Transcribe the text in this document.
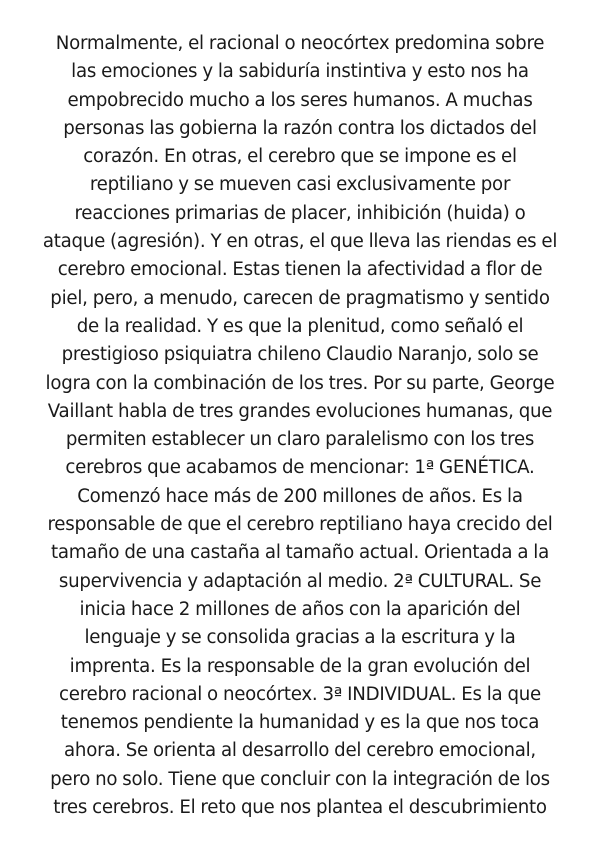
Normalmente, el racional o neocórtex predomina sobre
las emociones y la sabiduría instintiva y esto nos ha
empobrecido mucho a los seres humanos. A muchas
personas las gobierna la razón contra los dictados del
corazón. En otras, el cerebro que se impone es el
reptiliano y se mueven casi exclusivamente por
reacciones primarias de placer, inhibición (huida) o
ataque (agresión). Y en otras, el que lleva las riendas es el
cerebro emocional. Estas tienen la afectividad a flor de
piel, pero, a menudo, carecen de pragmatismo y sentido
de la realidad. Y es que la plenitud, como señaló el
prestigioso psiquiatra chileno Claudio Naranjo, solo se
logra con la combinación de los tres. Por su parte, George
Vaillant habla de tres grandes evoluciones humanas, que
permiten establecer un claro paralelismo con los tres
cerebros que acabamos de mencionar: 1ª GENÉTICA.
Comenzó hace más de 200 millones de años. Es la
responsable de que el cerebro reptiliano haya crecido del
tamaño de una castaña al tamaño actual. Orientada a la
supervivencia y adaptación al medio. 2ª CULTURAL. Se
inicia hace 2 millones de años con la aparición del
lenguaje y se consolida gracias a la escritura y la
imprenta. Es la responsable de la gran evolución del
cerebro racional o neocórtex. 3ª INDIVIDUAL. Es la que
tenemos pendiente la humanidad y es la que nos toca
ahora. Se orienta al desarrollo del cerebro emocional,
pero no solo. Tiene que concluir con la integración de los
tres cerebros. El reto que nos plantea el descubrimiento
